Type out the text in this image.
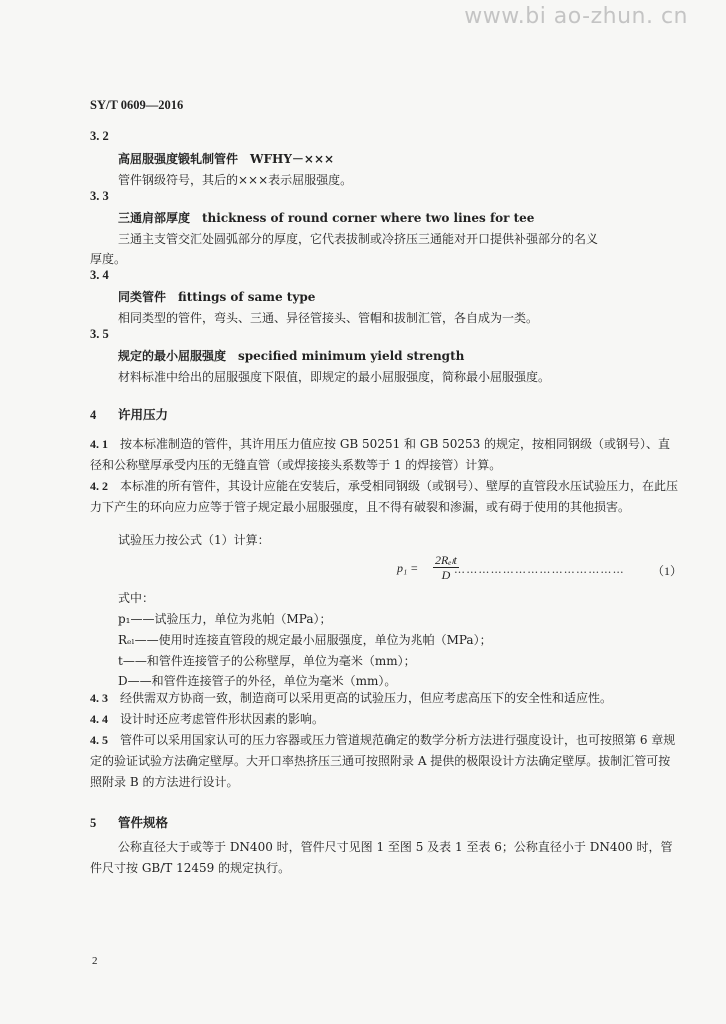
www.bi ao-zhun. cn
SY/T 0609—2016
3. 2
高屈服强度锻轧制管件　WFHY－×××
管件钢级符号，其后的×××表示屈服强度。
3. 3
三通肩部厚度　thickness of round corner where two lines for tee
三通主支管交汇处圆弧部分的厚度，它代表拔制或冷挤压三通能对开口提供补强部分的名义
厚度。
3. 4
同类管件　fittings of same type
相同类型的管件，弯头、三通、异径管接头、管帽和拔制汇管，各自成为一类。
3. 5
规定的最小屈服强度　specified minimum yield strength
材料标准中给出的屈服强度下限值，即规定的最小屈服强度，简称最小屈服强度。
4 许用压力
4. 1　 按本标准制造的管件，其许用压力值应按 GB 50251 和 GB 50253 的规定，按相同钢级（或钢号）、直径和公称壁厚承受内压的无缝直管（或焊接接头系数等于 1 的焊接管）计算。
4. 2　 本标准的所有管件，其设计应能在安装后，承受相同钢级（或钢号）、壁厚的直管段水压试验压力，在此压力下产生的环向应力应等于管子规定最小屈服强度，且不得有破裂和渗漏，或有碍于使用的其他损害。
试验压力按公式（1）计算：
p₁ =
2Rₑₗt
D …………………………………… （1）
式中：
p₁——试验压力，单位为兆帕（MPa）；
Rₑₗ——使用时连接直管段的规定最小屈服强度，单位为兆帕（MPa）；
t——和管件连接管子的公称壁厚，单位为毫米（mm）；
D——和管件连接管子的外径，单位为毫米（mm）。
4. 3　 经供需双方协商一致，制造商可以采用更高的试验压力，但应考虑高压下的安全性和适应性。
4. 4　 设计时还应考虑管件形状因素的影响。
4. 5　 管件可以采用国家认可的压力容器或压力管道规范确定的数学分析方法进行强度设计，也可按照第 6 章规定的验证试验方法确定壁厚。大开口率热挤压三通可按照附录 A 提供的极限设计方法确定壁厚。拔制汇管可按照附录 B 的方法进行设计。
5 管件规格
公称直径大于或等于 DN400 时，管件尺寸见图 1 至图 5 及表 1 至表 6；公称直径小于 DN400 时，管件尺寸按 GB/T 12459 的规定执行。
2
